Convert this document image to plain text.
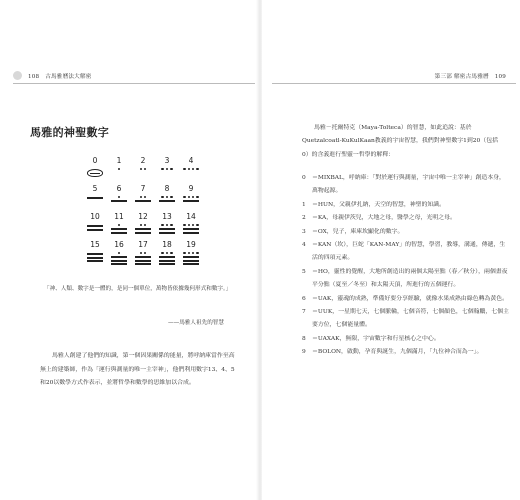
108 古馬雅曆法大解密
馬雅的神聖數字
0	1	2	3	4
5	6	7	8	9
10	11	12	13	14
15	16	17	18	19
「神、人類、數字是一體的，是同一個單位，萬物皆依據幾何形式和數字。」
——馬雅人祖先的智慧

馬雅人創建了他們的知識，第一個因果關係的能量，將呼納庫當作至高無上的建築師，作為「運行與測量的唯一主宰神」，他們利用數字13、4、5和20以數學方式作表示，並將哲學和數學的思維加以合成。

第三部 解密古馬雅曆 109

馬雅－托爾特克（Maya-Tolteca）的智慧，如此追說：基於Quetzalcoatl-KuKulKaan教義的宇宙智慧，我們對神聖數字1到20（包括0）的含義進行聖靈一哲學的解釋：

0	＝MIXBAL，呼納庫：「對於運行與測量，宇宙中唯一主宰神」創造本身，萬物起源。
1	＝HUN，父親伊扎納，天空的智慧，神聖的知識。
2	＝KA，母親伊茨兒，大地之母，醫學之母，光明之母。
3	＝OX，兒子，庫庫坎顯化的數字。
4	＝KAN（坎），巨蛇「KAN-MAY」的智慧，學習，教導，溝通，傳遞，生活的四項元素。
5	＝HO，靈性的覺醒，大地所創造出的兩個太陽至點（春／秋分），兩個畫夜平分點（夏至／冬至）和太陽天頂，所進行的五個運行。
6	＝UAK，靈魂的成熟，準備好要分享經驗，就像水果成熟由綠色轉為黃色。
7	＝UUK，一星期七天，七個脈輪，七個音符，七個顏色，七個翰鵬，七個主要方位，七個能量體。
8	＝UAXAK，無限，宇宙數字和行星核心之中心。
9	＝BOLON，啟動，孕育與誕生，九個滿月，「九位神合而為一」。
